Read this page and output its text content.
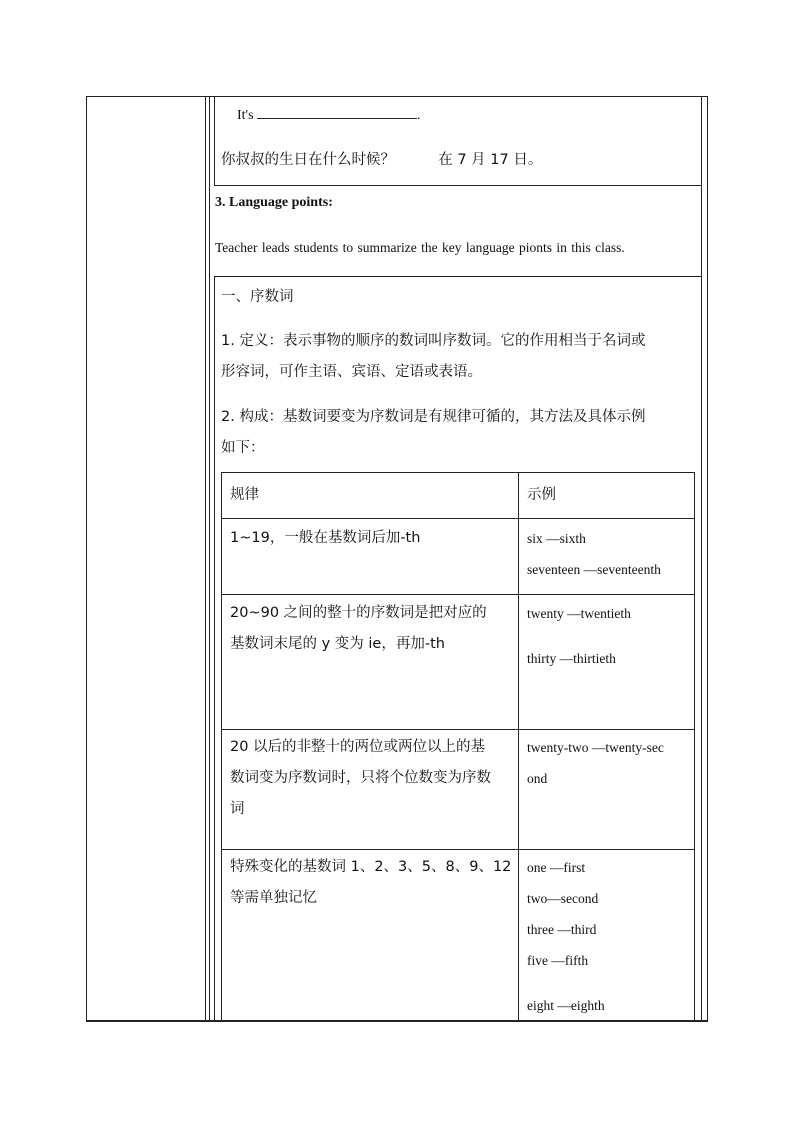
It's	.
你叔叔的生日在什么时候？	在 7 月 17 日。
3. Language points:
Teacher leads students to summarize the key language pionts in this class.
一、序数词
1. 定义：表示事物的顺序的数词叫序数词。它的作用相当于名词或
形容词，可作主语、宾语、定语或表语。
2. 构成：基数词要变为序数词是有规律可循的，其方法及具体示例
如下：
规律	示例

1~19，一般在基数词后加-th	six —sixth
seventeen —seventeenth

20~90 之间的整十的序数词是把对应的
基数词末尾的 y 变为 ie，再加-th	twenty —twentieth
thirty —thirtieth

20 以后的非整十的两位或两位以上的基
数词变为序数词时，只将个位数变为序数
词	twenty-two —twenty-sec
ond

特殊变化的基数词 1、2、3、5、8、9、12
等需单独记忆	one —first
two—second
three —third
five —fifth
eight —eighth
